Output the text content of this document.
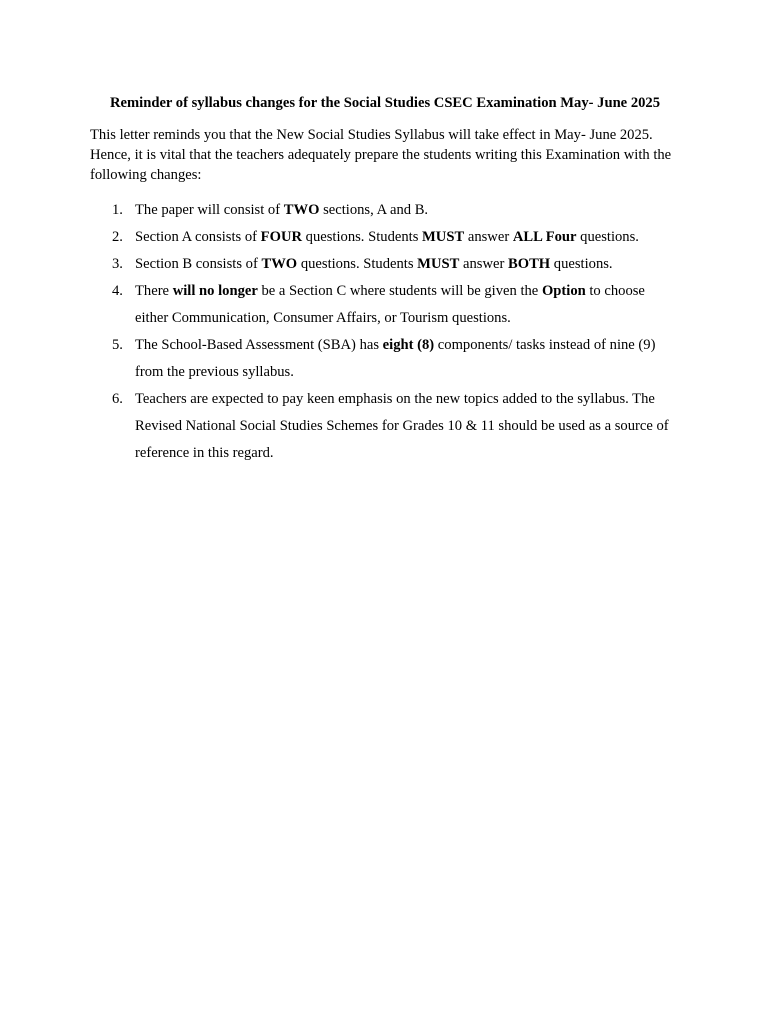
Reminder of syllabus changes for the Social Studies CSEC Examination May- June 2025

This letter reminds you that the New Social Studies Syllabus will take effect in May- June 2025. Hence, it is vital that the teachers adequately prepare the students writing this Examination with the following changes:

1. The paper will consist of TWO sections, A and B.
2. Section A consists of FOUR questions. Students MUST answer ALL Four questions.
3. Section B consists of TWO questions. Students MUST answer BOTH questions.
4. There will no longer be a Section C where students will be given the Option to choose either Communication, Consumer Affairs, or Tourism questions.
5. The School-Based Assessment (SBA) has eight (8) components/ tasks instead of nine (9) from the previous syllabus.
6. Teachers are expected to pay keen emphasis on the new topics added to the syllabus. The Revised National Social Studies Schemes for Grades 10 & 11 should be used as a source of reference in this regard.
